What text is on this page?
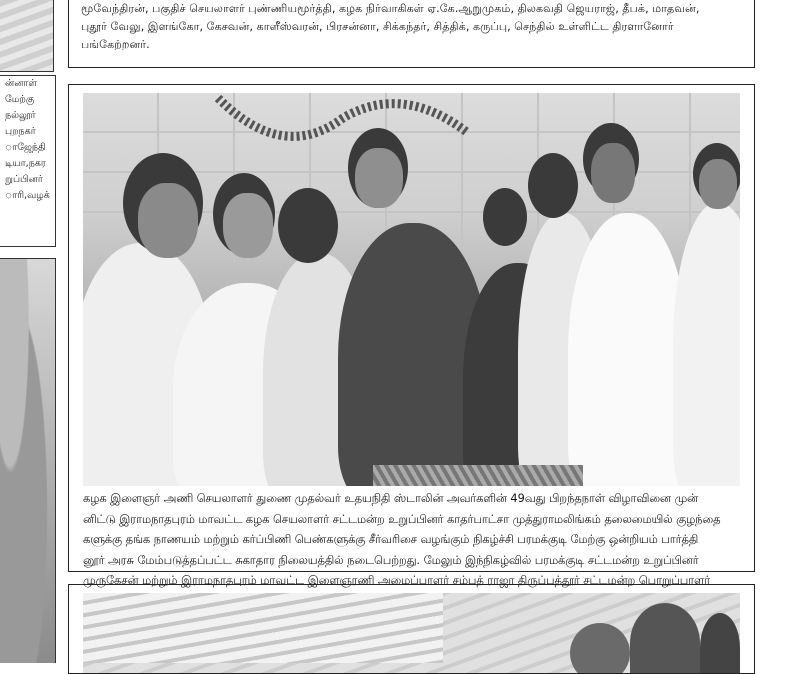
ன்னாள்
மேற்கு
நல்லூர்
புறநகர்
ாஜேந்தி
டியா,நகர
றுப்பினர்
ாரி,வழக்
மூவேந்திரன், பகுதிச் செயலாளர் புண்ணியமூர்த்தி, கழக நிர்வாகிகள் ஏ.கே.ஆறுமுகம், திலகவதி ஜெயராஜ், தீபக், மாதவன்,
புதூர் வேலு, இளங்கோ, கேசவன், காளீஸ்வரன், பிரசன்னா, சிக்கந்தர், சித்திக், கருப்பு, செந்தில் உள்ளிட்ட திரளானோர்
பங்கேற்றனர்.
கழக இளைஞர் அணி செயலாளர் துணை முதல்வர் உதயநிதி ஸ்டாலின் அவர்களின் 49வது பிறந்தநாள் விழாவினை முன்
னிட்டு இராமநாதபுரம் மாவட்ட கழக செயலாளர் சட்டமன்ற உறுப்பினர் காதர்பாட்சா முத்துராமலிங்கம் தலைமையில் குழந்தை
களுக்கு தங்க நாணயம் மற்றும் கர்ப்பிணி பெண்களுக்கு சீர்வரிசை வழங்கும் நிகழ்ச்சி பரமக்குடி மேற்கு ஒன்றியம் பார்த்தி
னூர் அரசு மேம்படுத்தப்பட்ட சுகாதார நிலையத்தில் நடைபெற்றது. மேலும் இந்நிகழ்வில் பரமக்குடி சட்டமன்ற உறுப்பினர்
முருகேசன் மற்றும் இராமநாதபுரம் மாவட்ட இளைஞரணி அமைப்பாளர் சம்பத் ராஜா திருப்பத்தூர் சட்டமன்ற பொறுப்பாளர்
